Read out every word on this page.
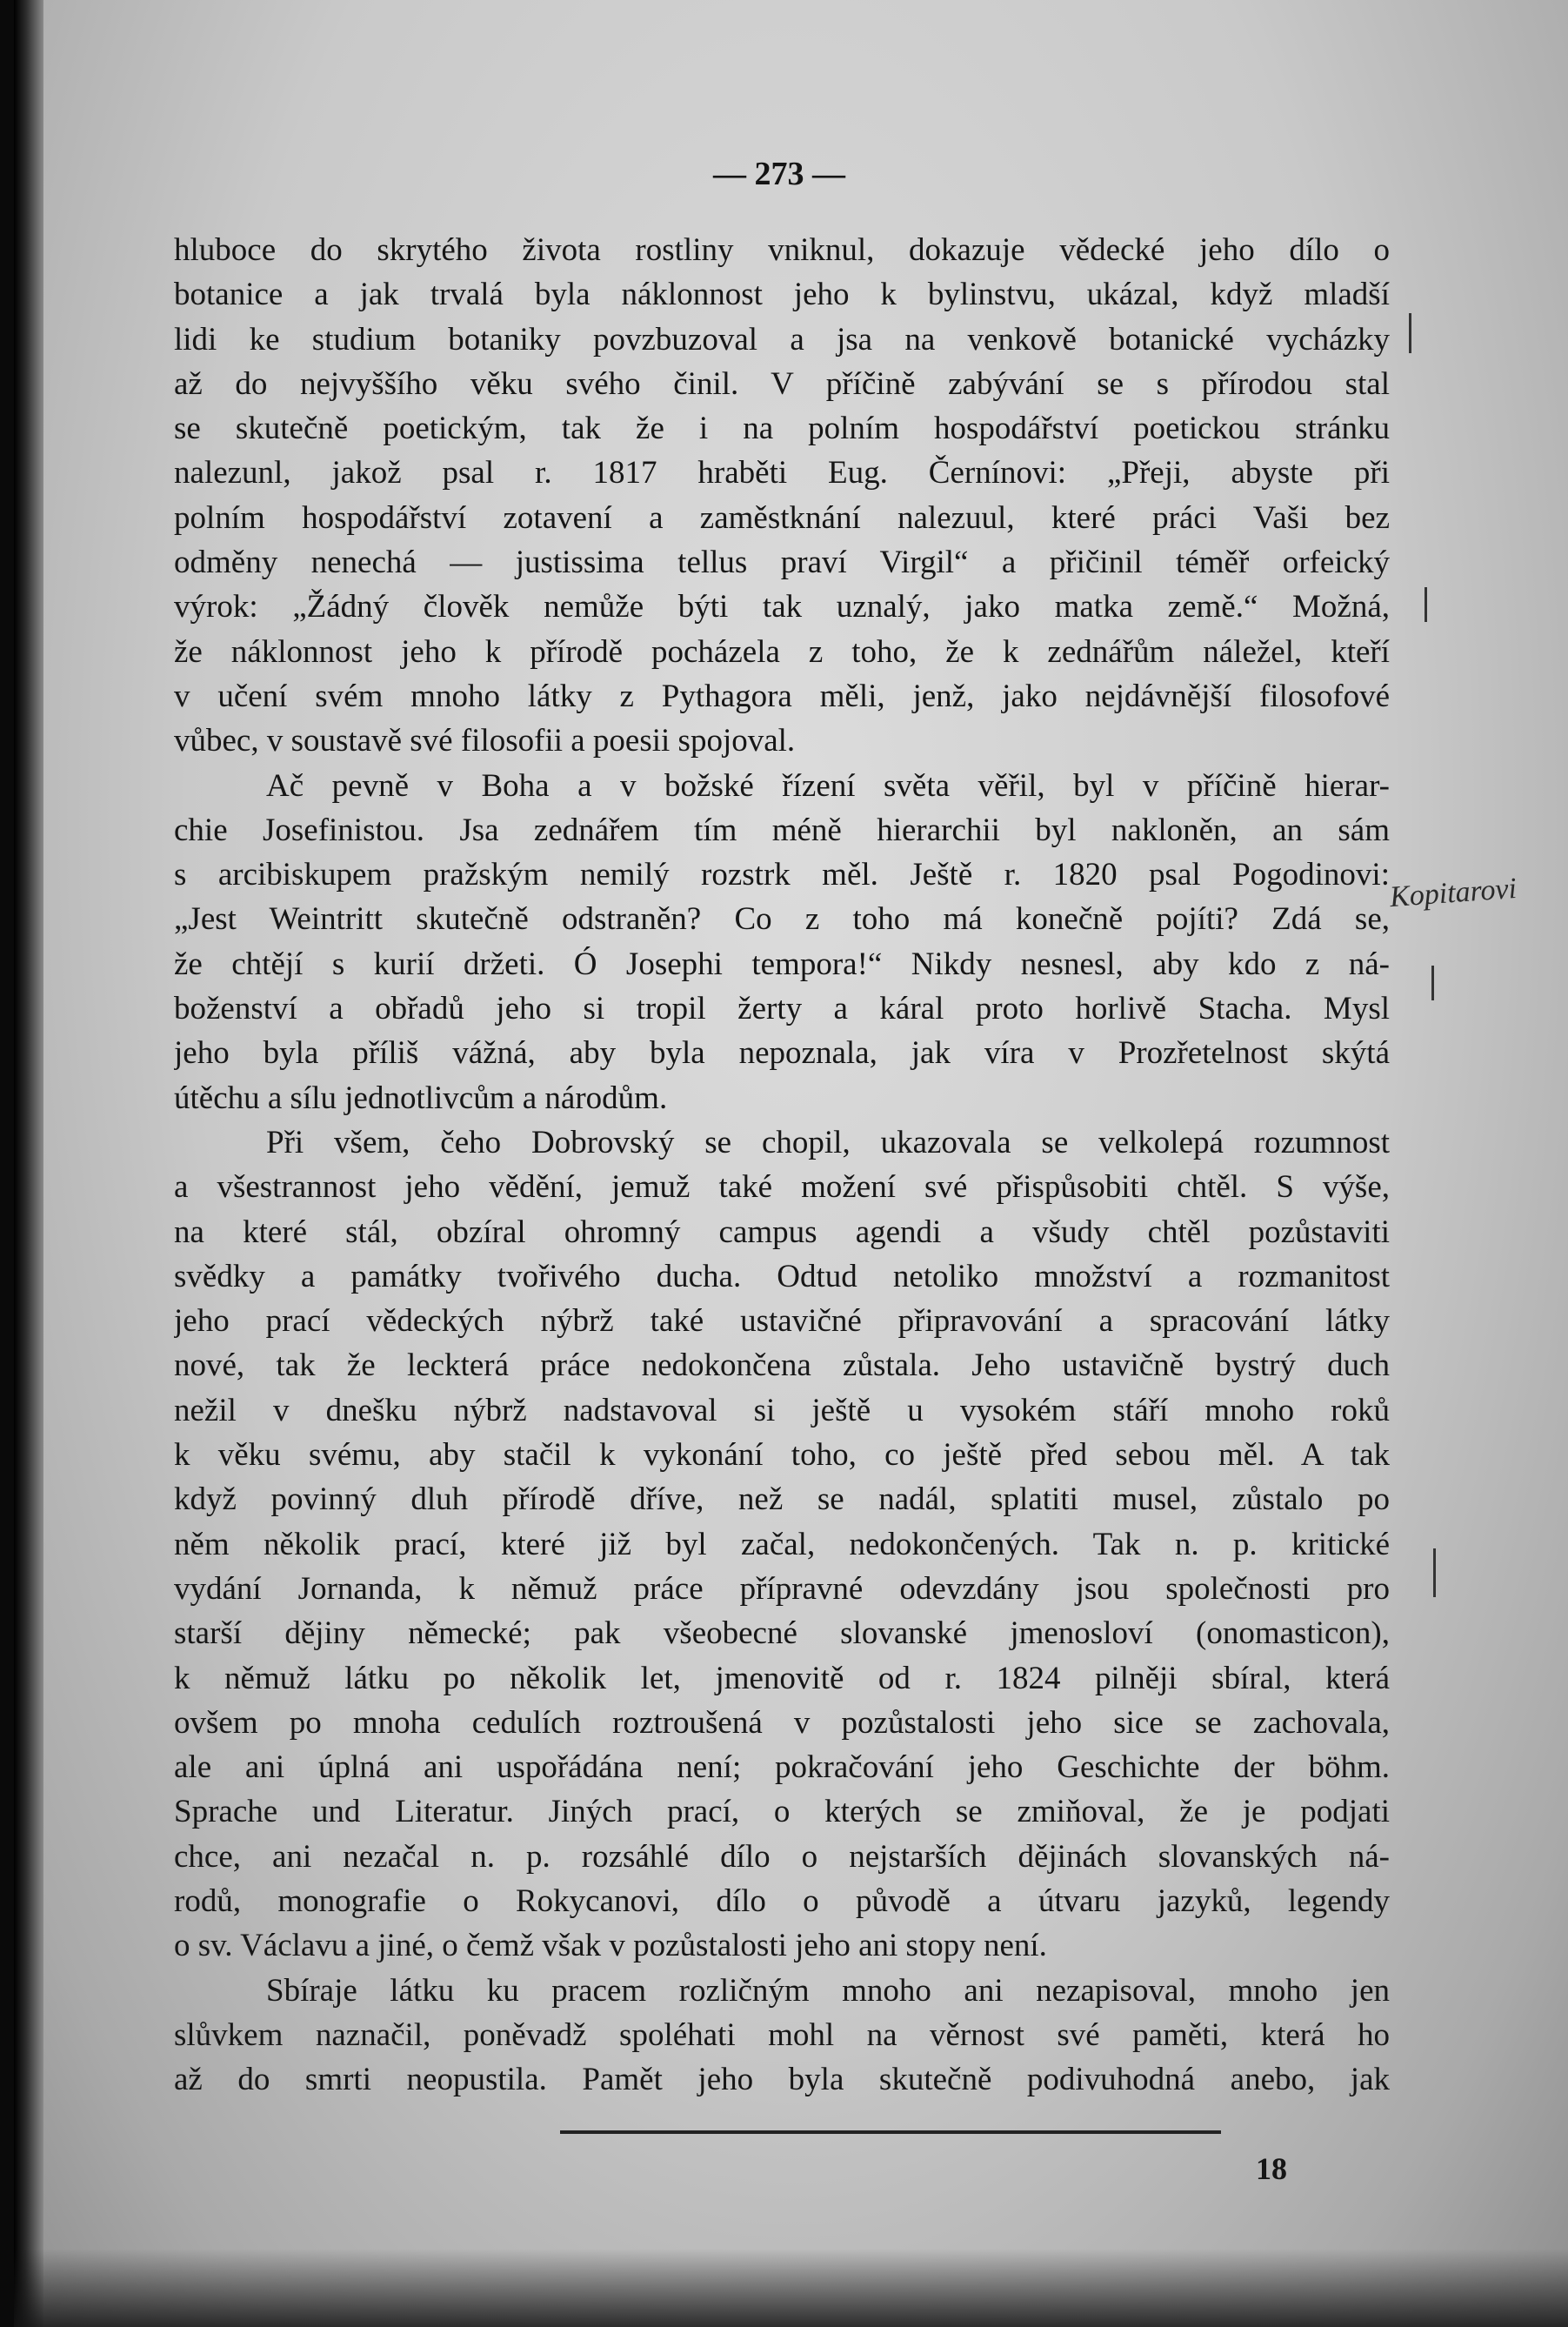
— 273 —
hluboce do skrytého života rostliny vniknul, dokazuje vědecké jeho dílo o
botanice a jak trvalá byla náklonnost jeho k bylinstvu, ukázal, když mladší
lidi ke studium botaniky povzbuzoval a jsa na venkově botanické vycházky
až do nejvyššího věku svého činil. V příčině zabývání se s přírodou stal
se skutečně poetickým, tak že i na polním hospodářství poetickou stránku
nalezunl, jakož psal r. 1817 hraběti Eug. Černínovi: „Přeji, abyste při
polním hospodářství zotavení a zaměstknání nalezuul, které práci Vaši bez
odměny nenechá — justissima tellus praví Virgil“ a přičinil téměř orfeický
výrok: „Žádný člověk nemůže býti tak uznalý, jako matka země.“ Možná,
že náklonnost jeho k přírodě pocházela z toho, že k zednářům náležel, kteří
v učení svém mnoho látky z Pythagora měli, jenž, jako nejdávnější filosofové
vůbec, v soustavě své filosofii a poesii spojoval.
Ač pevně v Boha a v božské řízení světa věřil, byl v příčině hierar-
chie Josefinistou. Jsa zednářem tím méně hierarchii byl nakloněn, an sám
s arcibiskupem pražským nemilý rozstrk měl. Ještě r. 1820 psal Pogodinovi:
„Jest Weintritt skutečně odstraněn? Co z toho má konečně pojíti? Zdá se,
že chtějí s kurií držeti. Ó Josephi tempora!“ Nikdy nesnesl, aby kdo z ná-
boženství a obřadů jeho si tropil žerty a káral proto horlivě Stacha. Mysl
jeho byla příliš vážná, aby byla nepoznala, jak víra v Prozřetelnost skýtá
útěchu a sílu jednotlivcům a národům.
Při všem, čeho Dobrovský se chopil, ukazovala se velkolepá rozumnost
a všestrannost jeho vědění, jemuž také možení své přispůsobiti chtěl. S výše,
na které stál, obzíral ohromný campus agendi a všudy chtěl pozůstaviti
svědky a památky tvořivého ducha. Odtud netoliko množství a rozmanitost
jeho prací vědeckých nýbrž také ustavičné připravování a spracování látky
nové, tak že leckterá práce nedokončena zůstala. Jeho ustavičně bystrý duch
nežil v dnešku nýbrž nadstavoval si ještě u vysokém stáří mnoho roků
k věku svému, aby stačil k vykonání toho, co ještě před sebou měl. A tak
když povinný dluh přírodě dříve, než se nadál, splatiti musel, zůstalo po
něm několik prací, které již byl začal, nedokončených. Tak n. p. kritické
vydání Jornanda, k němuž práce přípravné odevzdány jsou společnosti pro
starší dějiny německé; pak všeobecné slovanské jmenosloví (onomasticon),
k němuž látku po několik let, jmenovitě od r. 1824 pilněji sbíral, která
ovšem po mnoha cedulích roztroušená v pozůstalosti jeho sice se zachovala,
ale ani úplná ani uspořádána není; pokračování jeho Geschichte der böhm.
Sprache und Literatur. Jiných prací, o kterých se zmiňoval, že je podjati
chce, ani nezačal n. p. rozsáhlé dílo o nejstarších dějinách slovanských ná-
rodů, monografie o Rokycanovi, dílo o původě a útvaru jazyků, legendy
o sv. Václavu a jiné, o čemž však v pozůstalosti jeho ani stopy není.
Sbíraje látku ku pracem rozličným mnoho ani nezapisoval, mnoho jen
slůvkem naznačil, poněvadž spoléhati mohl na věrnost své paměti, která ho
až do smrti neopustila. Pamět jeho byla skutečně podivuhodná anebo, jak
18
Kopitarovi
